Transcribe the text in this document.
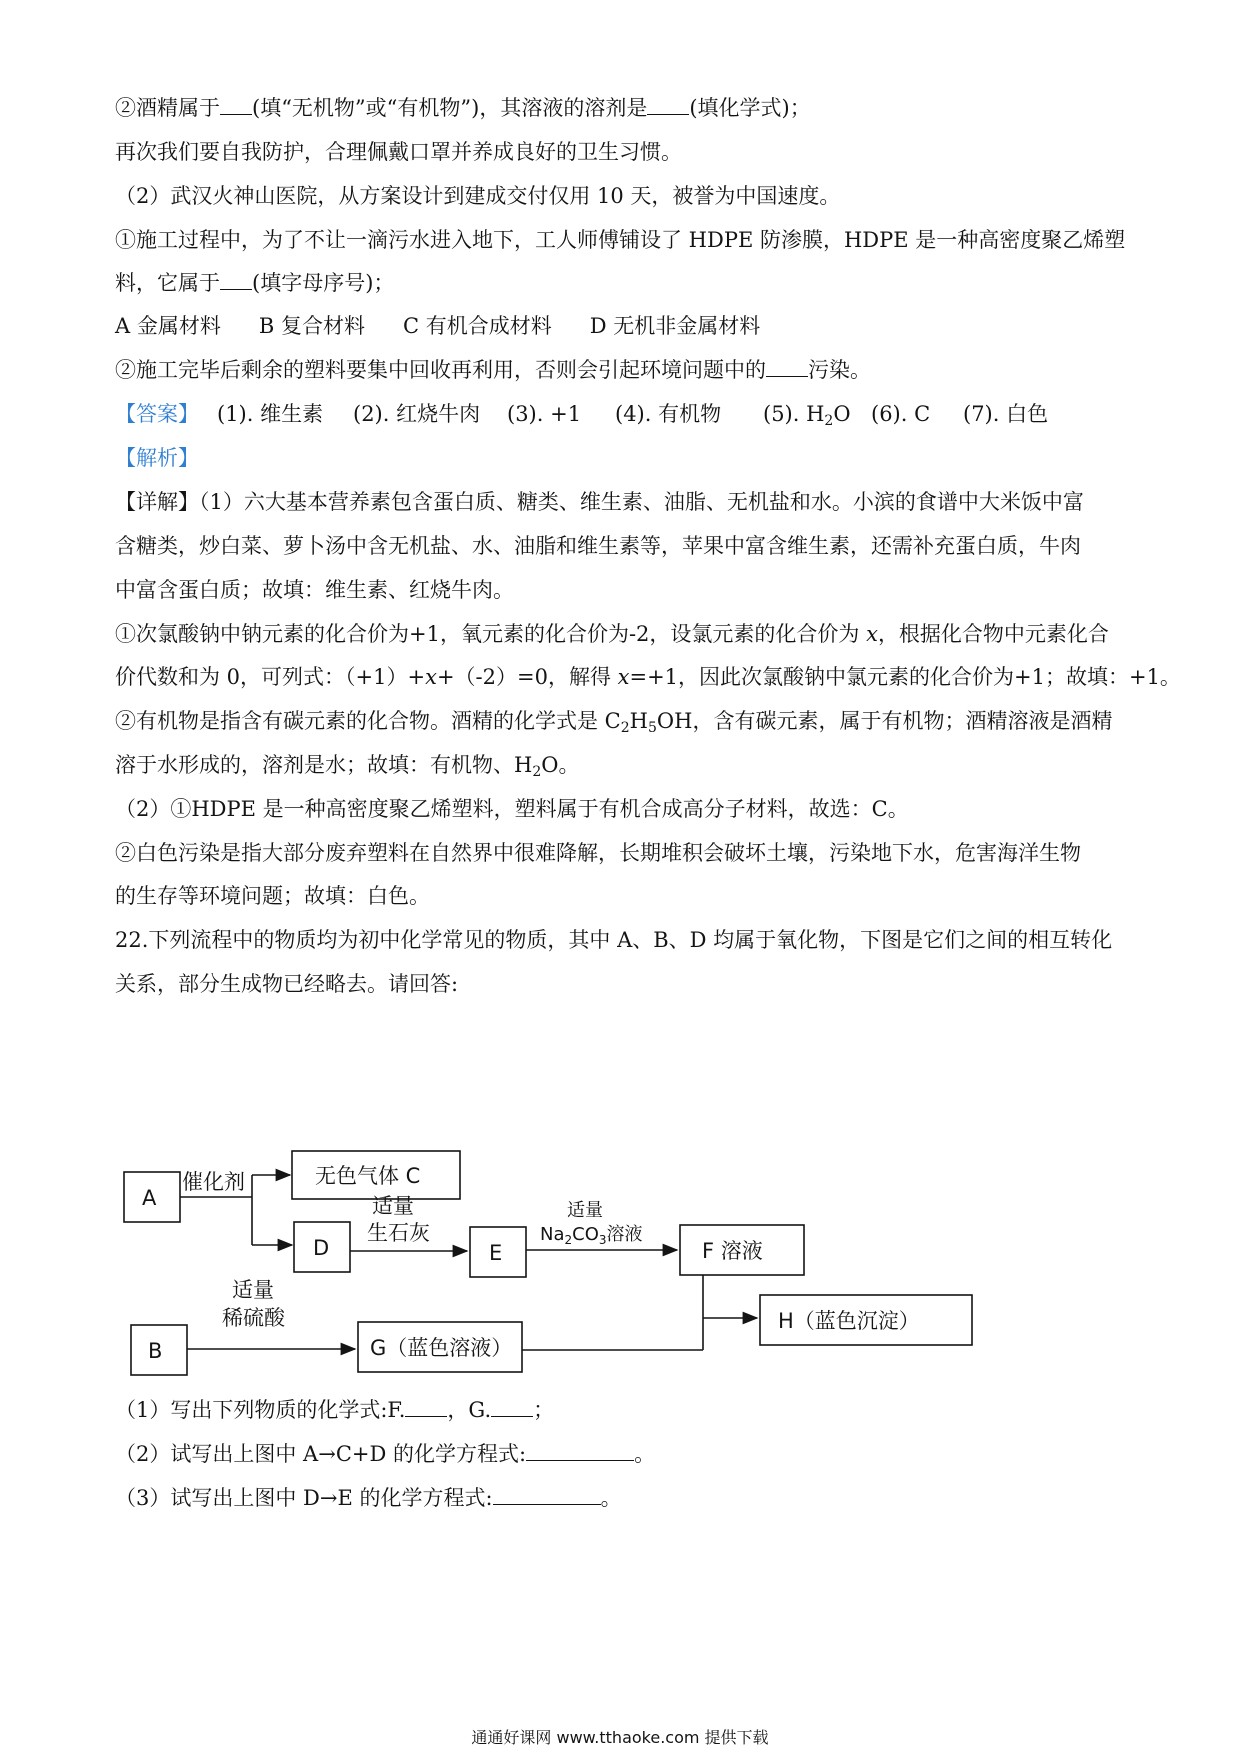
②酒精属于 (填“无机物”或“有机物”)，其溶液的溶剂是 (填化学式)；
再次我们要自我防护，合理佩戴口罩并养成良好的卫生习惯。
（2）武汉火神山医院，从方案设计到建成交付仅用 10 天，被誉为中国速度。
①施工过程中，为了不让一滴污水进入地下，工人师傅铺设了 HDPE 防渗膜，HDPE 是一种高密度聚乙烯塑
料，它属于 (填字母序号)；
A 金属材料 B 复合材料 C 有机合成材料 D 无机非金属材料
②施工完毕后剩余的塑料要集中回收再利用，否则会引起环境问题中的 污染。
【答案】 (1). 维生素 (2). 红烧牛肉 (3). +1 (4). 有机物 (5). $H_2O$ (6). C (7). 白色
【解析】
【详解】（1）六大基本营养素包含蛋白质、糖类、维生素、油脂、无机盐和水。小滨的食谱中大米饭中富
含糖类，炒白菜、萝卜汤中含无机盐、水、油脂和维生素等，苹果中富含维生素，还需补充蛋白质，牛肉
中富含蛋白质；故填：维生素、红烧牛肉。
①次氯酸钠中钠元素的化合价为+1，氧元素的化合价为-2，设氯元素的化合价为 x，根据化合物中元素化合
价代数和为 0，可列式：（+1）+x+（-2）=0，解得 x=+1，因此次氯酸钠中氯元素的化合价为+1；故填：+1。
②有机物是指含有碳元素的化合物。酒精的化学式是 $C_2H_5OH$，含有碳元素，属于有机物；酒精溶液是酒精
溶于水形成的，溶剂是水；故填：有机物、$H_2O$。
（2）①HDPE 是一种高密度聚乙烯塑料，塑料属于有机合成高分子材料，故选：C。
②白色污染是指大部分废弃塑料在自然界中很难降解，长期堆积会破坏土壤，污染地下水，危害海洋生物
的生存等环境问题；故填：白色。
22.下列流程中的物质均为初中化学常见的物质，其中 A、B、D 均属于氧化物，下图是它们之间的相互转化
关系，部分生成物已经略去。请回答:
A
无色气体 C
D	E	F 溶液
H（蓝色沉淀）
B	G（蓝色溶液）
催化剂
适量
生石灰
适量
稀硫酸
适量
$Na_2CO_3$溶液
（1）写出下列物质的化学式:F. ，G. ；
（2）试写出上图中 A→C+D 的化学方程式:	。
（3）试写出上图中 D→E 的化学方程式:	。
通通好课网 www.tthaoke.com 提供下载
